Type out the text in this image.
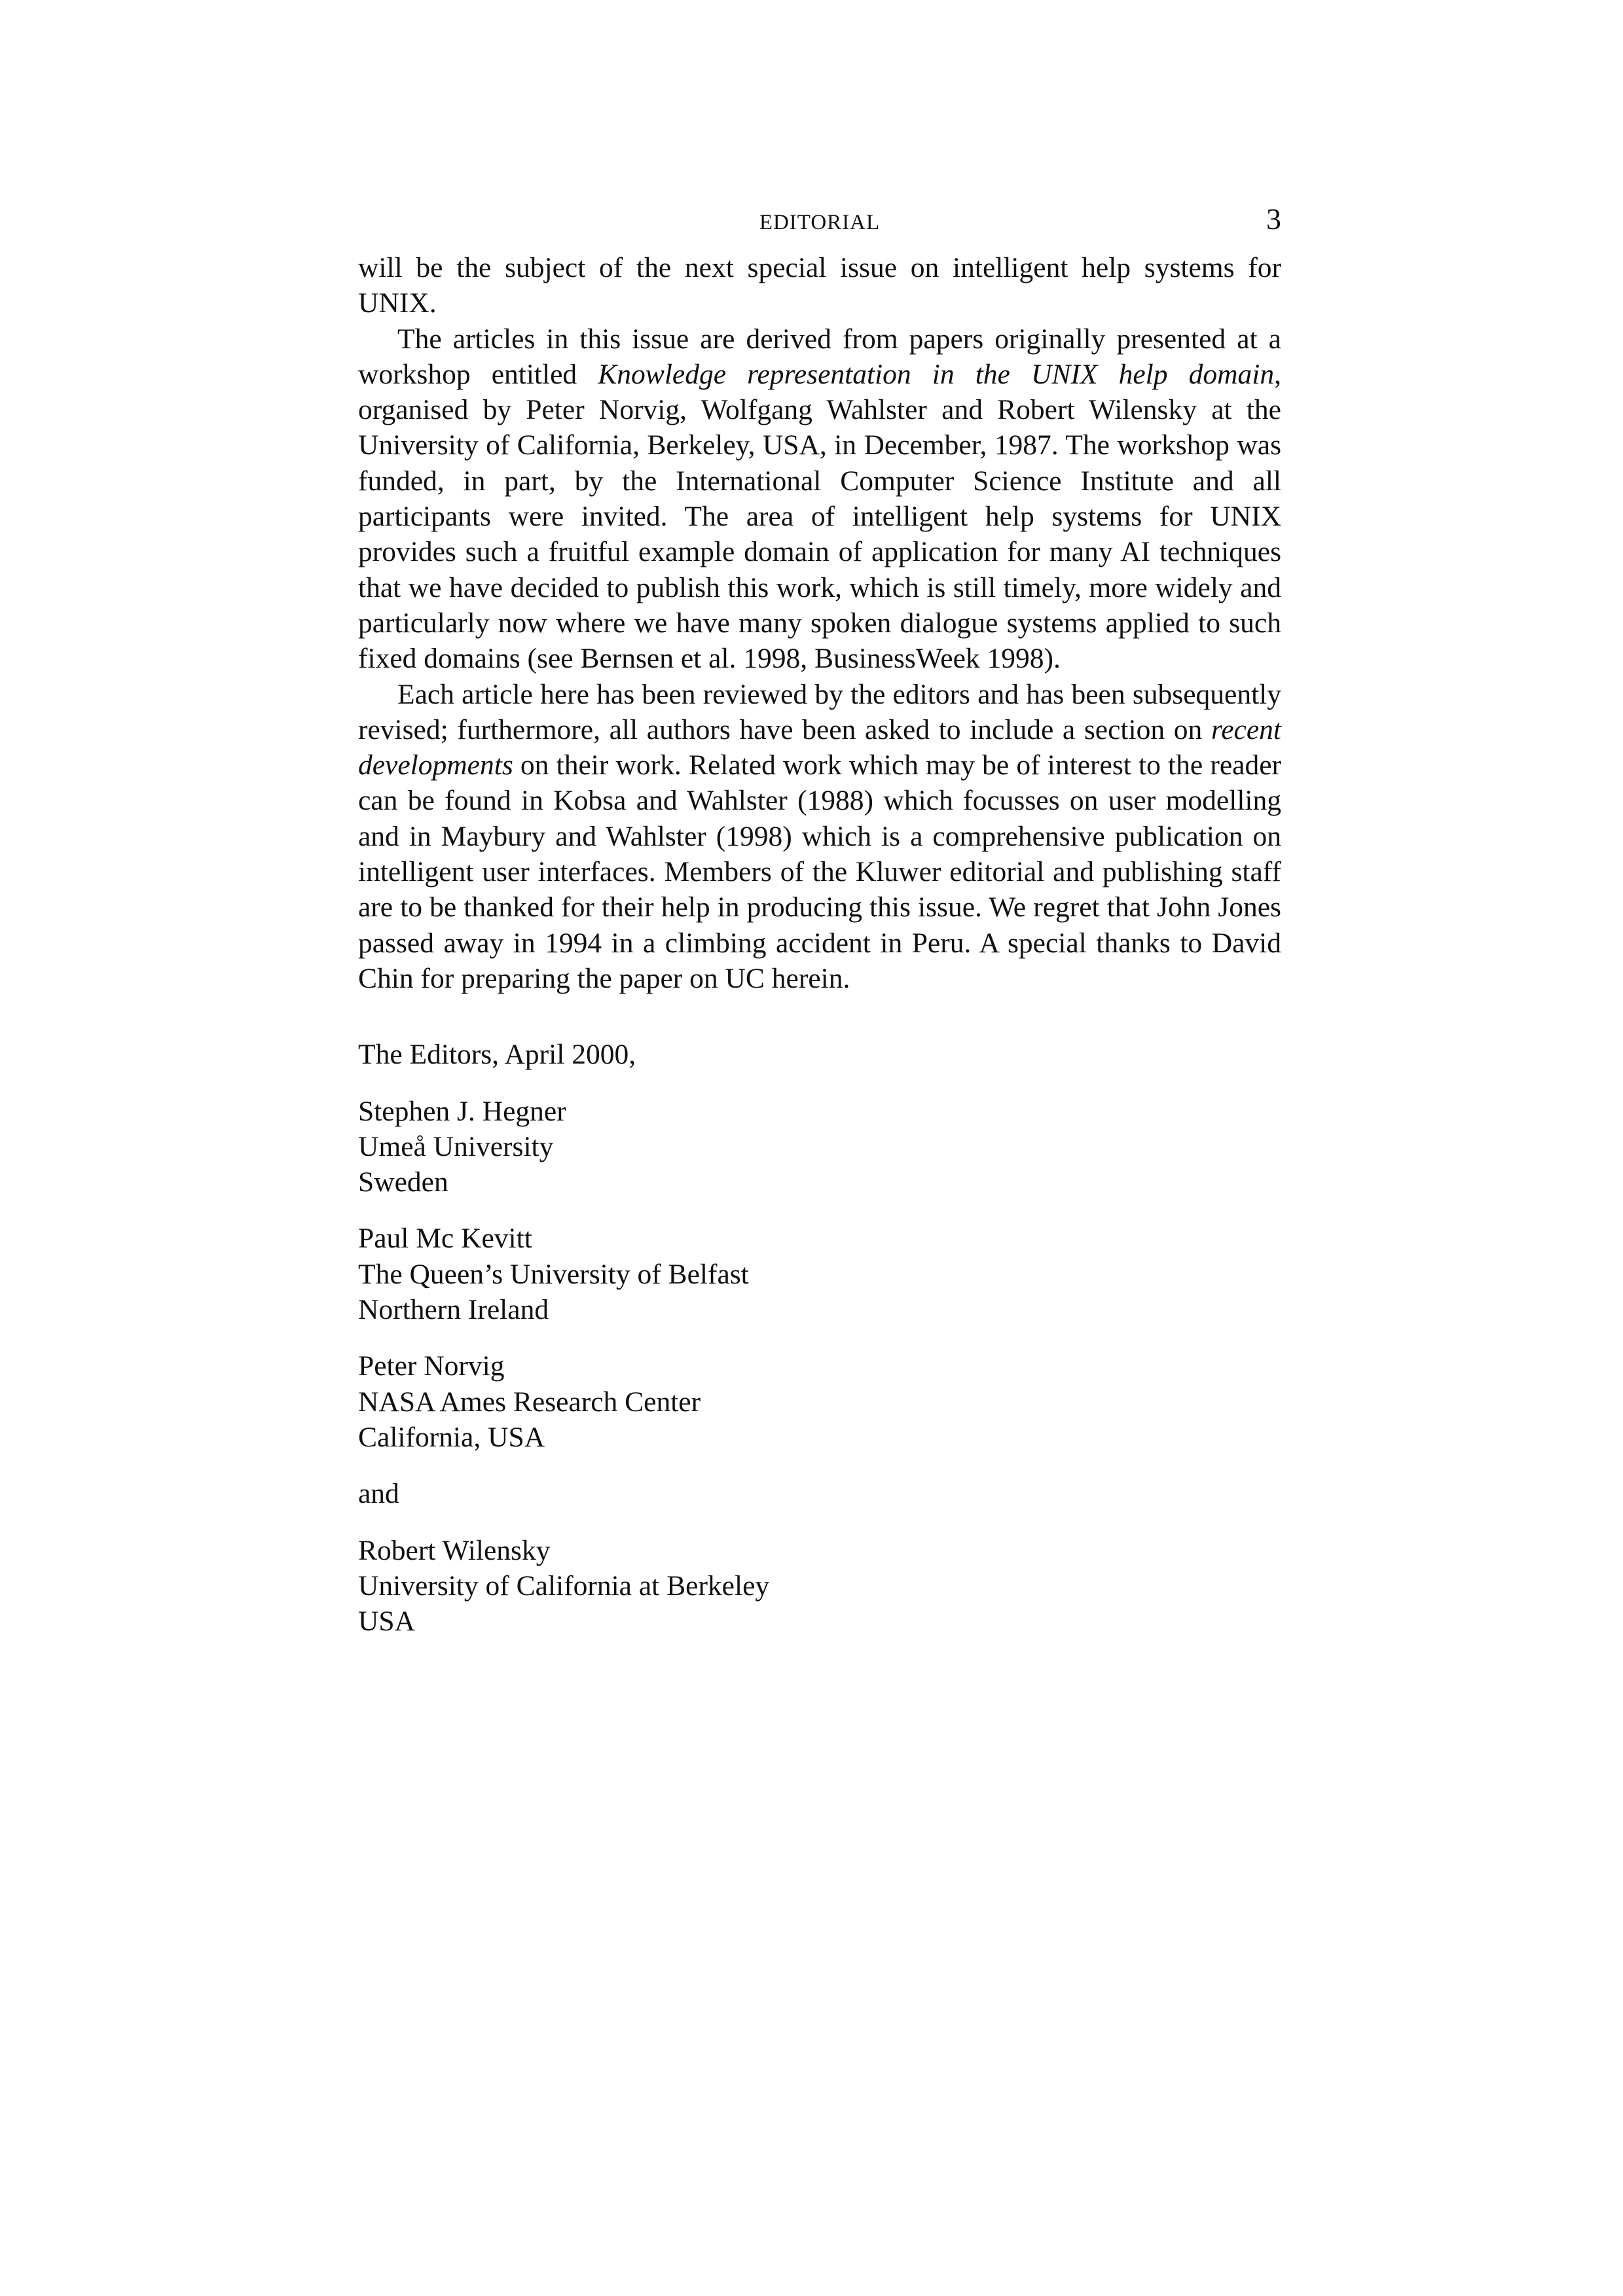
EDITORIAL	3

will be the subject of the next special issue on intelligent help systems for UNIX.

The articles in this issue are derived from papers originally presented at a workshop entitled Knowledge representation in the UNIX help domain, organised by Peter Norvig, Wolfgang Wahlster and Robert Wilensky at the University of California, Berkeley, USA, in December, 1987. The workshop was funded, in part, by the International Computer Science Institute and all participants were invited. The area of intelligent help systems for UNIX provides such a fruitful example domain of application for many AI techniques that we have decided to publish this work, which is still timely, more widely and particularly now where we have many spoken dialogue systems applied to such fixed domains (see Bernsen et al. 1998, BusinessWeek 1998).

Each article here has been reviewed by the editors and has been subsequently revised; furthermore, all authors have been asked to include a section on recent developments on their work. Related work which may be of interest to the reader can be found in Kobsa and Wahlster (1988) which focusses on user modelling and in Maybury and Wahlster (1998) which is a comprehensive publication on intelligent user interfaces. Members of the Kluwer editorial and publishing staff are to be thanked for their help in producing this issue. We regret that John Jones passed away in 1994 in a climbing accident in Peru. A special thanks to David Chin for preparing the paper on UC herein.

The Editors, April 2000,
Stephen J. Hegner
Umeå University
Sweden
Paul Mc Kevitt
The Queen’s University of Belfast
Northern Ireland
Peter Norvig
NASA Ames Research Center
California, USA
and
Robert Wilensky
University of California at Berkeley
USA
